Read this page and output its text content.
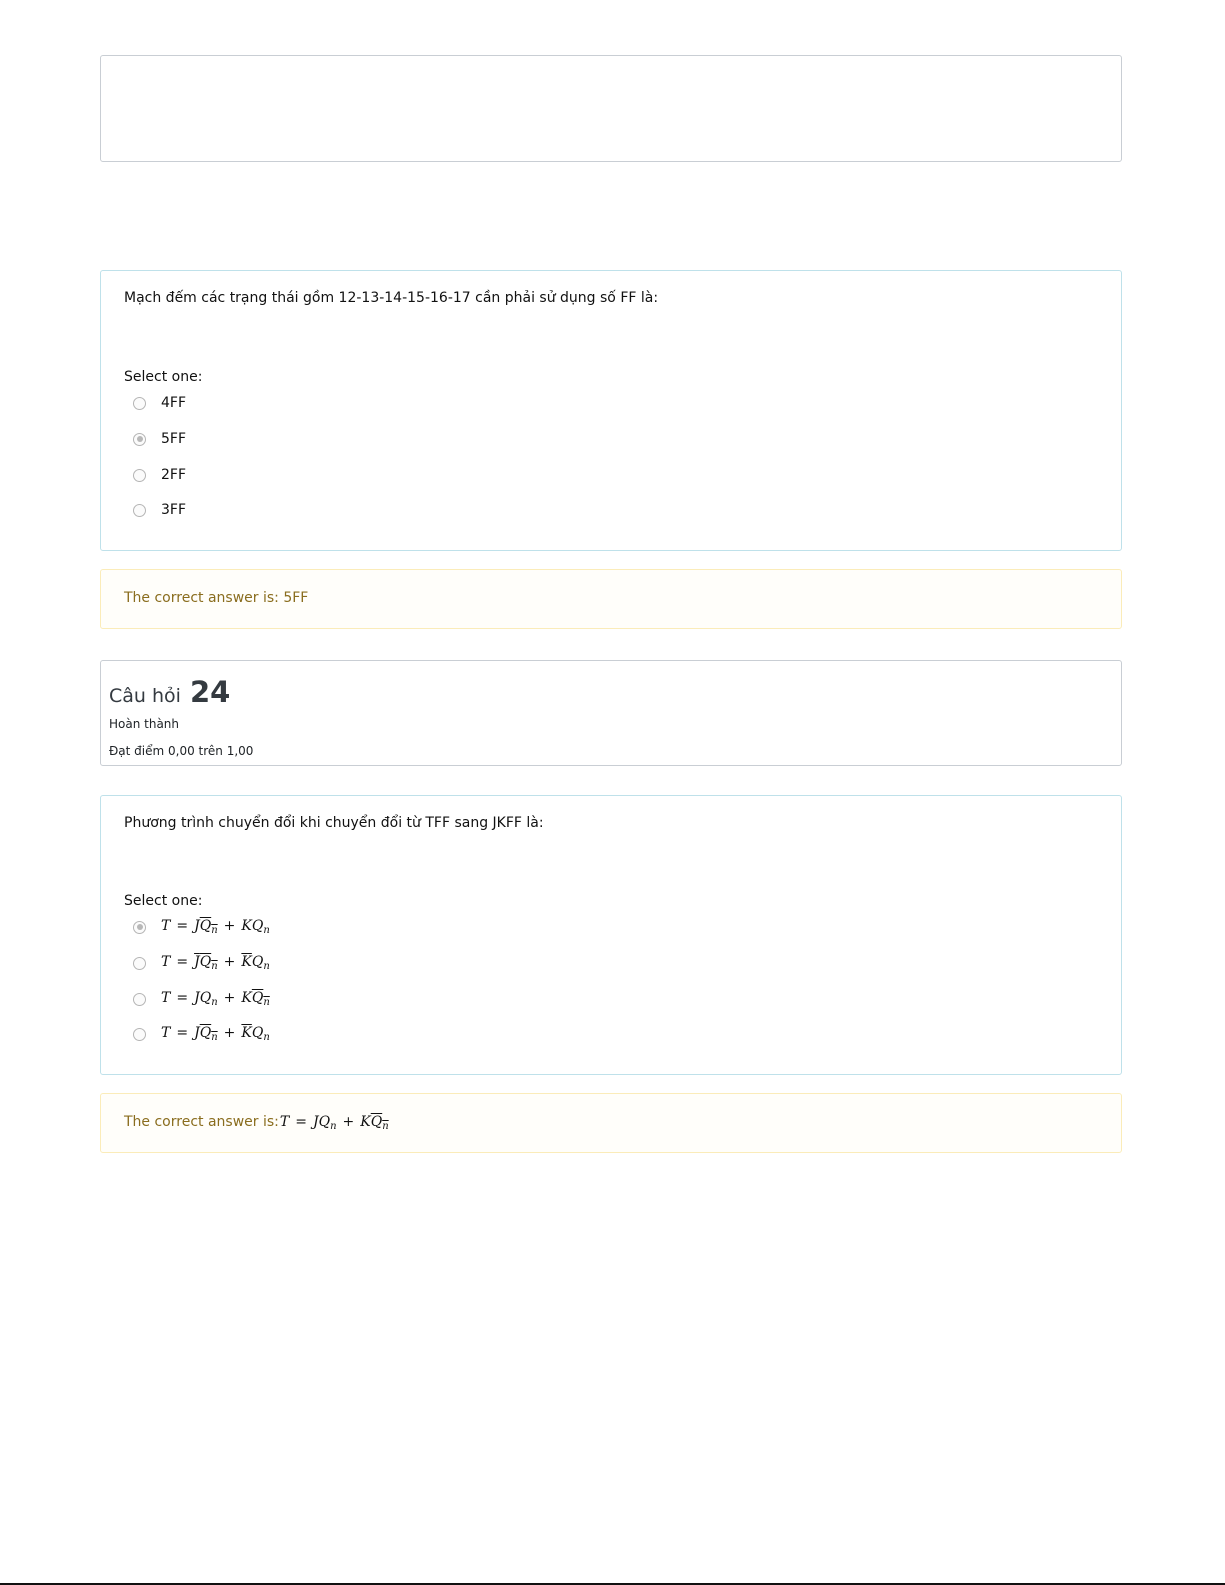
Mạch đếm các trạng thái gồm 12-13-14-15-16-17 cần phải sử dụng số FF là:
Select one:
4FF
5FF
2FF
3FF
The correct answer is: 5FF
Câu hỏi 24
Hoàn thành
Đạt điểm 0,00 trên 1,00
Phương trình chuyển đổi khi chuyển đổi từ TFF sang JKFF là:
Select one:
$T = JQ_n + KQ_n$
$T = JQ_n + \overline{K}Q_n$
$T = JQ_n + KQ_n$
$T = JQ_n + \overline{K}Q_n$
The correct answer is: $T = JQ_n + KQ_n$
